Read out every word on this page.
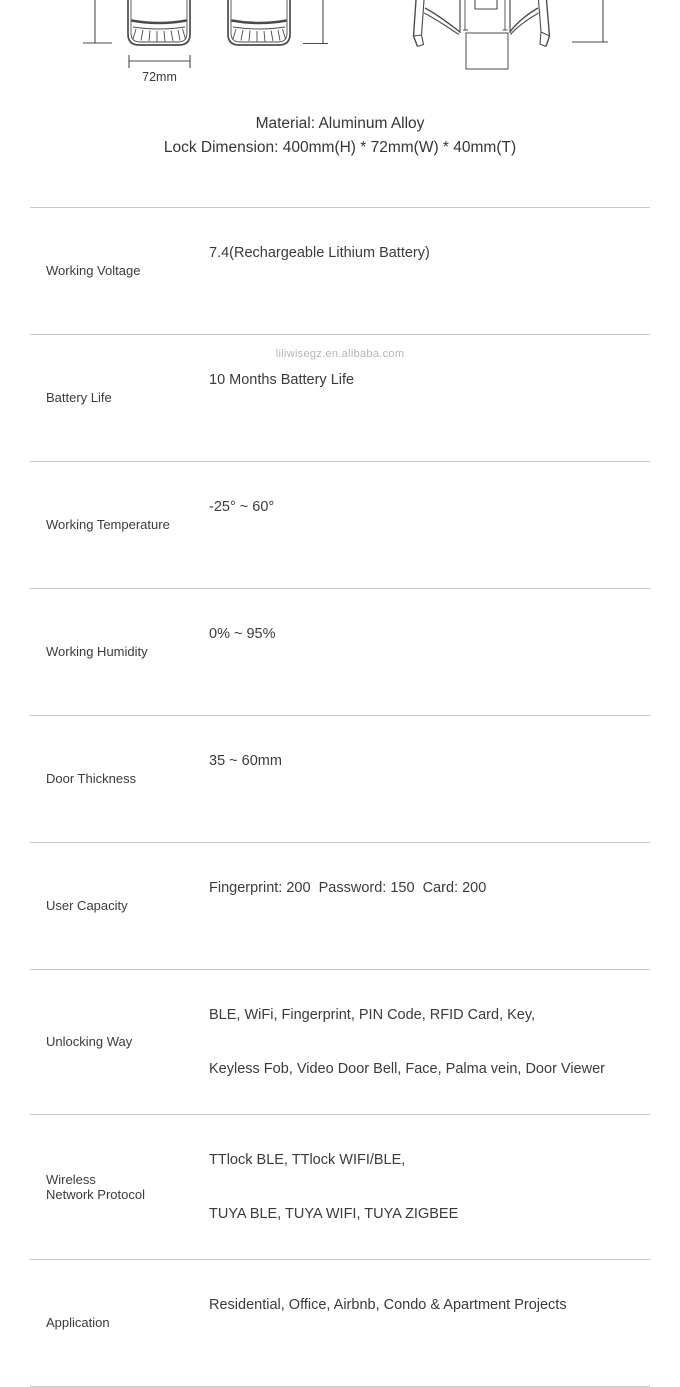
72mm
Material: Aluminum Alloy
Lock Dimension: 400mm(H) * 72mm(W) * 40mm(T)
liliwisegz.en.alibaba.com
Working Voltage

7.4(Rechargeable Lithium Battery)

Battery Life

10 Months Battery Life

Working Temperature

-25° ~ 60°

Working Humidity

0% ~ 95%

Door Thickness

35 ~ 60mm

User Capacity

Fingerprint: 200  Password: 150  Card: 200

Unlocking Way

BLE, WiFi, Fingerprint, PIN Code, RFID Card, Key,

Keyless Fob, Video Door Bell, Face, Palma vein, Door Viewer

Wireless
Network Protocol

TTlock BLE, TTlock WIFI/BLE,

TUYA BLE, TUYA WIFI, TUYA ZIGBEE

Application

Residential, Office, Airbnb, Condo & Apartment Projects
